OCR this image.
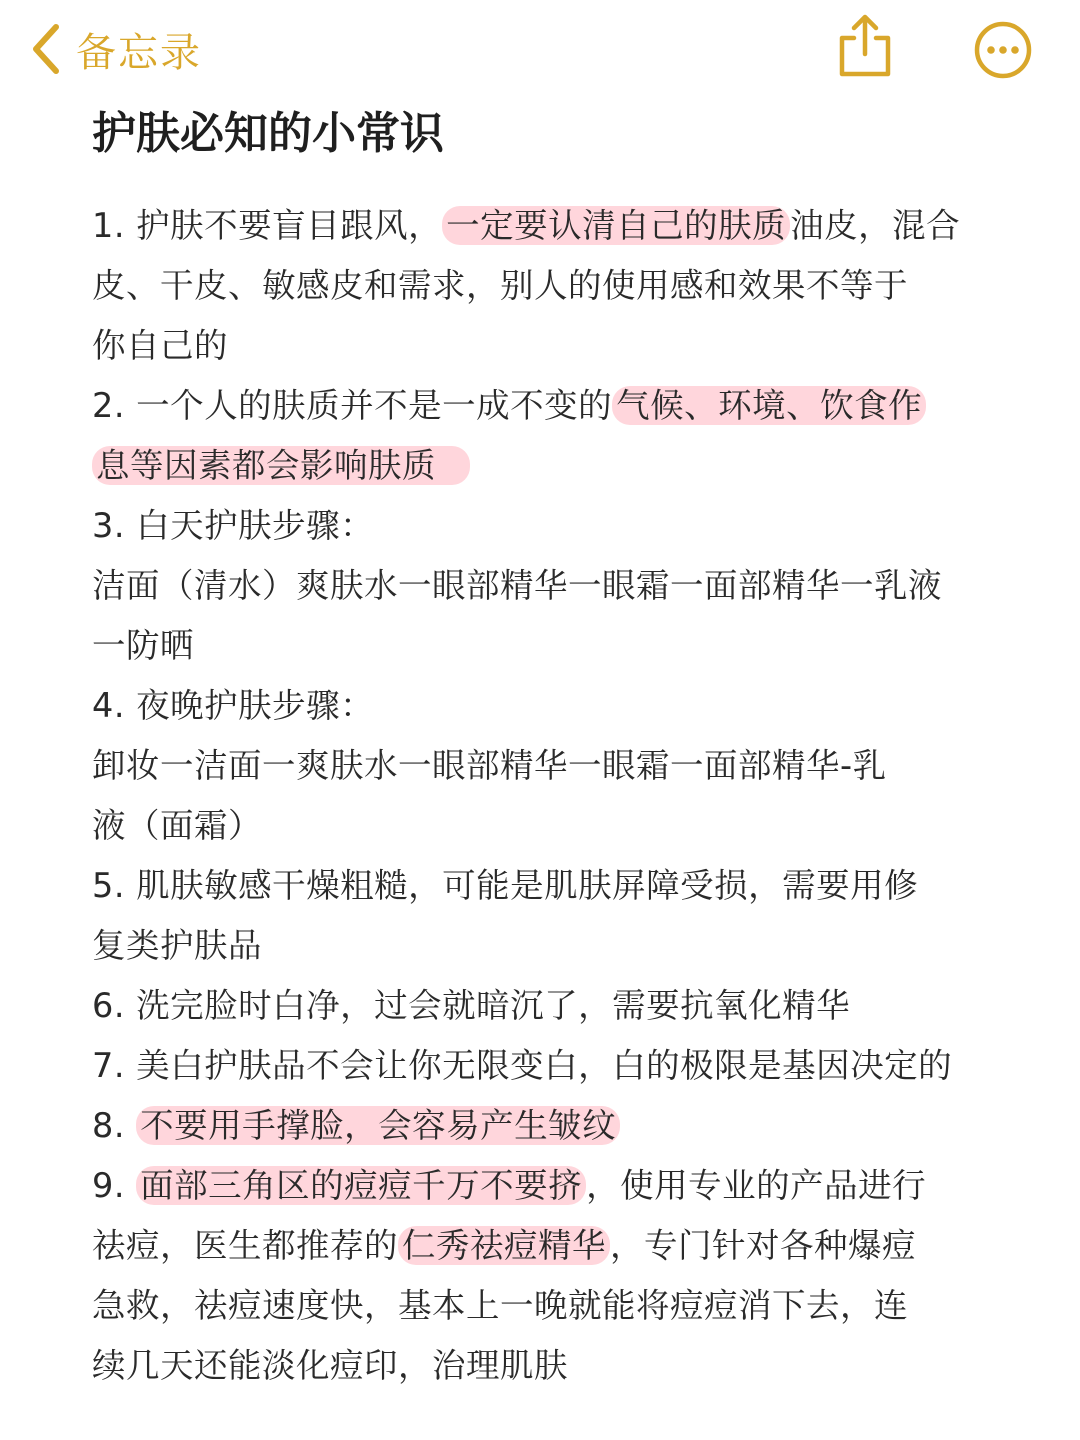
备忘录
护肤必知的小常识
1. 护肤不要盲目跟风， 一定要认清自己的肤质 油皮，混合
皮、干皮、敏感皮和需求，别人的使用感和效果不等于
你自己的
2. 一个人的肤质并不是一成不变的 气候、环境、饮食作
息等因素都会影响肤质
3. 白天护肤步骤：
洁面（清水）爽肤水一眼部精华一眼霜一面部精华一乳液
一防晒
4. 夜晚护肤步骤：
卸妆一洁面一爽肤水一眼部精华一眼霜一面部精华-乳
液（面霜）
5. 肌肤敏感干燥粗糙，可能是肌肤屏障受损，需要用修
复类护肤品
6. 洗完脸时白净，过会就暗沉了，需要抗氧化精华
7. 美白护肤品不会让你无限变白，白的极限是基因决定的
8. 不要用手撑脸，会容易产生皱纹
9. 面部三角区的痘痘千万不要挤 ，使用专业的产品进行
祛痘，医生都推荐的 仁秀祛痘精华 ，专门针对各种爆痘
急救，祛痘速度快，基本上一晚就能将痘痘消下去，连
续几天还能淡化痘印，治理肌肤
